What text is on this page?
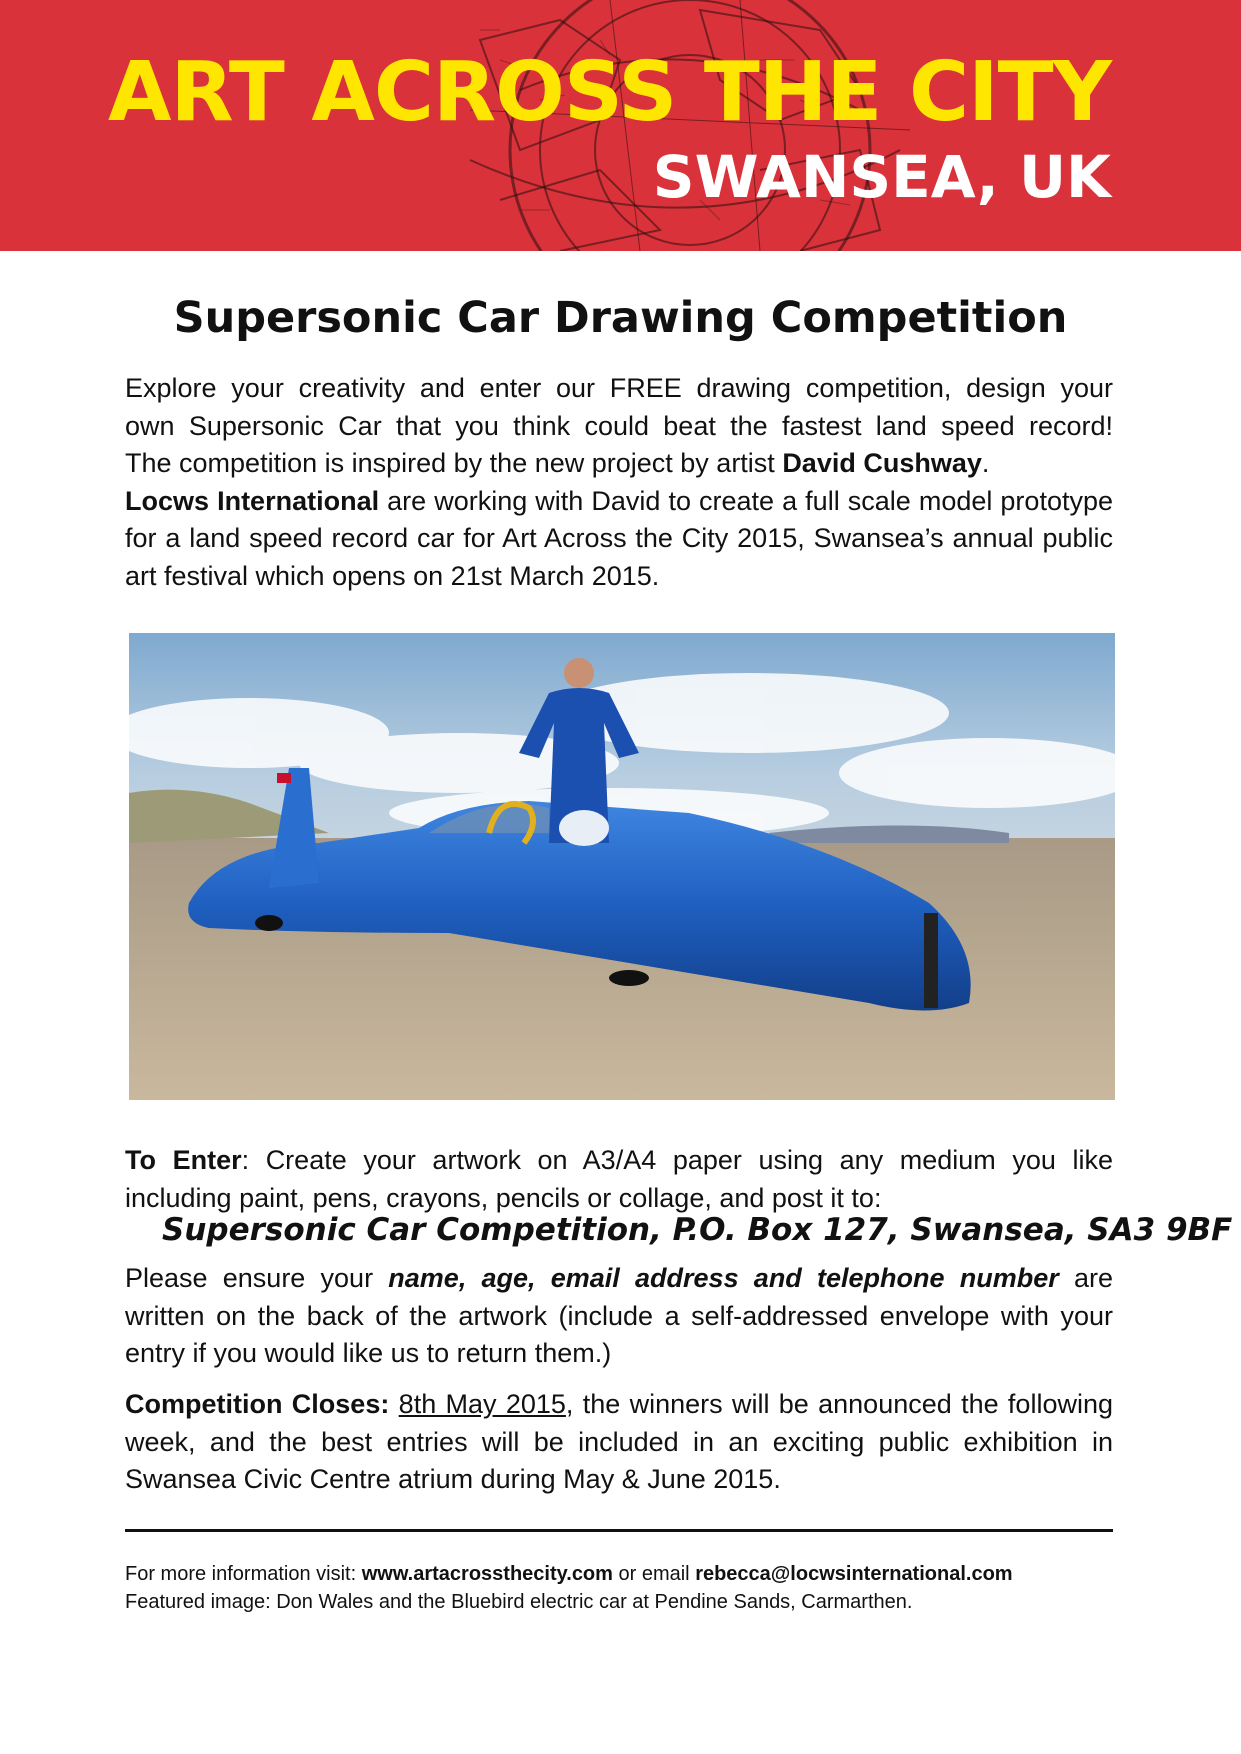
ART ACROSS THE CITY
SWANSEA, UK
Supersonic Car Drawing Competition
Explore your creativity and enter our FREE drawing competition, design your
own Supersonic Car that you think could beat the fastest land speed record!
The competition is inspired by the new project by artist David Cushway.
Locws International are working with David to create a full scale model prototype for a land speed record car for Art Across the City 2015, Swansea’s annual public art festival which opens on 21st March 2015.
To Enter: Create your artwork on A3/A4 paper using any medium you like including paint, pens, crayons, pencils or collage, and post it to:

Supersonic Car Competition, P.O. Box 127, Swansea, SA3 9BF

Please ensure your name, age, email address and telephone number are written on the back of the artwork (include a self-addressed envelope with your entry if you would like us to return them.)
Competition Closes: 8th May 2015, the winners will be announced the following week, and the best entries will be included in an exciting public exhibition in Swansea Civic Centre atrium during May & June 2015.

For more information visit: www.artacrossthecity.com or email rebecca@locwsinternational.com

Featured image: Don Wales and the Bluebird electric car at Pendine Sands, Carmarthen.
